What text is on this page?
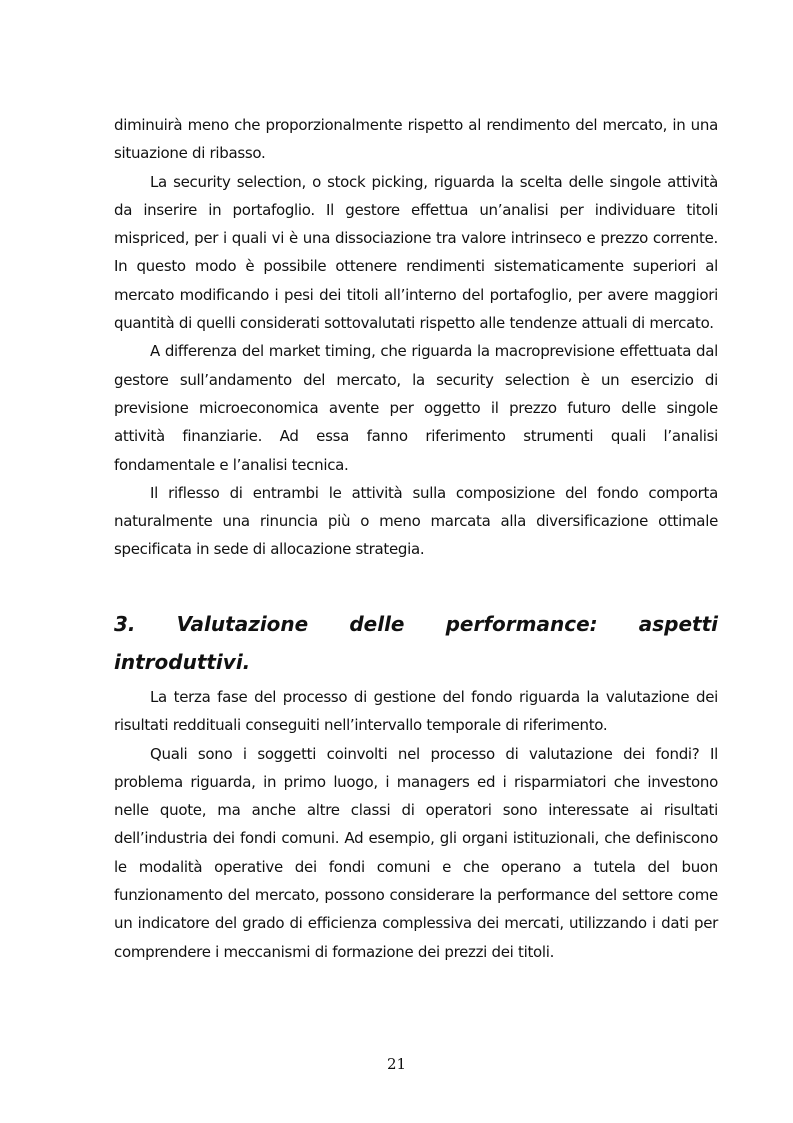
diminuirà meno che proporzionalmente rispetto al rendimento del mercato, in una situazione di ribasso.

La security selection, o stock picking, riguarda la scelta delle singole attività da inserire in portafoglio. Il gestore effettua un’analisi per individuare titoli mispriced, per i quali vi è una dissociazione tra valore intrinseco e prezzo corrente. In questo modo è possibile ottenere rendimenti sistematicamente superiori al mercato modificando i pesi dei titoli all’interno del portafoglio, per avere maggiori quantità di quelli considerati sottovalutati rispetto alle tendenze attuali di mercato.

A differenza del market timing, che riguarda la macroprevisione effettuata dal gestore sull’andamento del mercato, la security selection è un esercizio di previsione microeconomica avente per oggetto il prezzo futuro delle singole attività finanziarie. Ad essa fanno riferimento strumenti quali l’analisi fondamentale e l’analisi tecnica.

Il riflesso di entrambi le attività sulla composizione del fondo comporta naturalmente una rinuncia più o meno marcata alla diversificazione ottimale specificata in sede di allocazione strategia.

3. Valutazione delle performance: aspetti introduttivi.

La terza fase del processo di gestione del fondo riguarda la valutazione dei risultati reddituali conseguiti nell’intervallo temporale di riferimento.

Quali sono i soggetti coinvolti nel processo di valutazione dei fondi? Il problema riguarda, in primo luogo, i managers ed i risparmiatori che investono nelle quote, ma anche altre classi di operatori sono interessate ai risultati dell’industria dei fondi comuni. Ad esempio, gli organi istituzionali, che definiscono le modalità operative dei fondi comuni e che operano a tutela del buon funzionamento del mercato, possono considerare la performance del settore come un indicatore del grado di efficienza complessiva dei mercati, utilizzando i dati per comprendere i meccanismi di formazione dei prezzi dei titoli.

21
